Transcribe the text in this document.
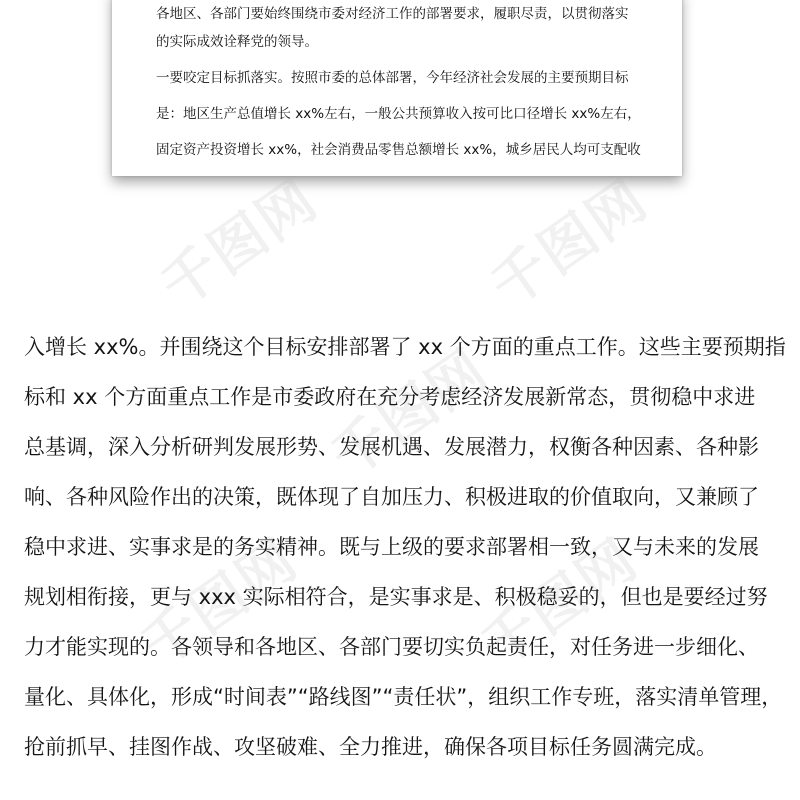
各地区、各部门要始终围绕市委对经济工作的部署要求，履职尽责，以贯彻落实
的实际成效诠释党的领导。
一要咬定目标抓落实。按照市委的总体部署，今年经济社会发展的主要预期目标
是：地区生产总值增长 xx%左右，一般公共预算收入按可比口径增长 xx%左右，
固定资产投资增长 xx%，社会消费品零售总额增长 xx%，城乡居民人均可支配收
千图网	千图网
千图网
千图网	千图网
入增长 xx%。并围绕这个目标安排部署了 xx 个方面的重点工作。这些主要预期指
标和 xx 个方面重点工作是市委政府在充分考虑经济发展新常态，贯彻稳中求进
总基调，深入分析研判发展形势、发展机遇、发展潜力，权衡各种因素、各种影
响、各种风险作出的决策，既体现了自加压力、积极进取的价值取向，又兼顾了
稳中求进、实事求是的务实精神。既与上级的要求部署相一致，又与未来的发展
规划相衔接，更与 xxx 实际相符合，是实事求是、积极稳妥的，但也是要经过努
力才能实现的。各领导和各地区、各部门要切实负起责任，对任务进一步细化、
量化、具体化，形成“时间表”“路线图”“责任状”，组织工作专班，落实清单管理，
抢前抓早、挂图作战、攻坚破难、全力推进，确保各项目标任务圆满完成。
